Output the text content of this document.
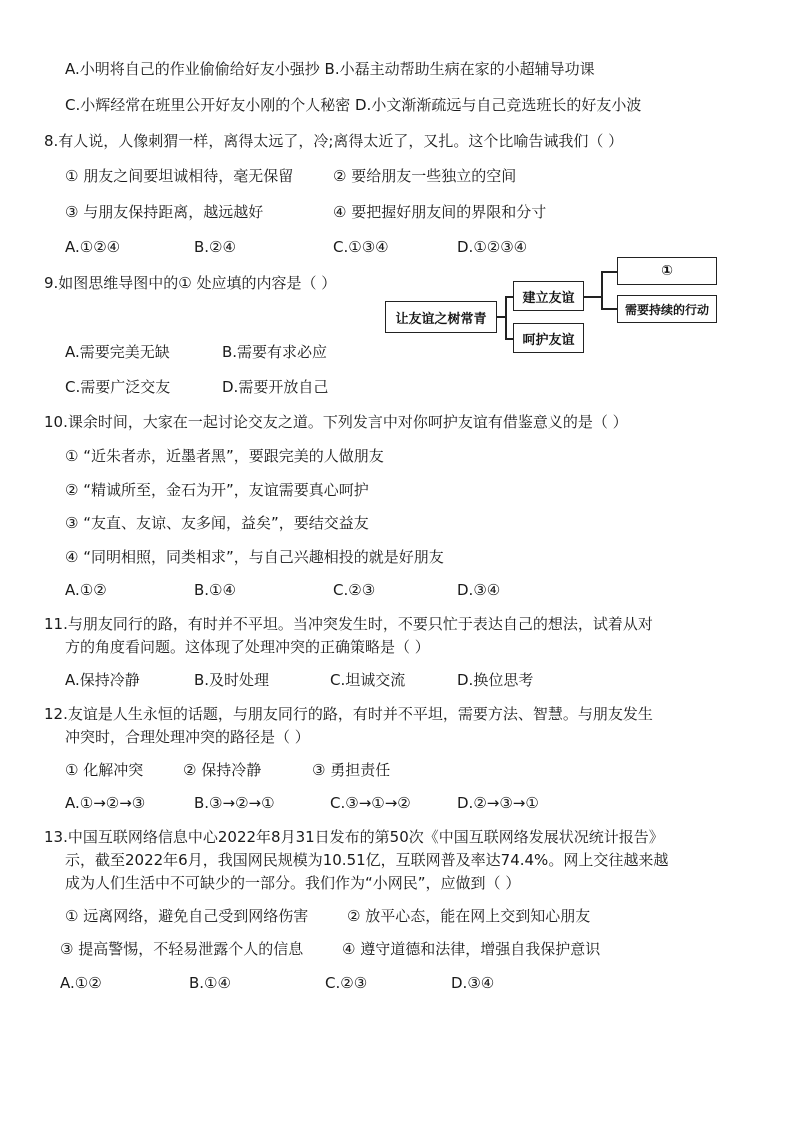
A.小明将自己的作业偷偷给好友小强抄 B.小磊主动帮助生病在家的小超辅导功课
C.小辉经常在班里公开好友小刚的个人秘密 D.小文渐渐疏远与自己竞选班长的好友小波
8.有人说，人像刺猬一样，离得太远了，冷;离得太近了，又扎。这个比喻告诫我们（ ）
① 朋友之间要坦诚相待，毫无保留	② 要给朋友一些独立的空间
③ 与朋友保持距离，越远越好	④ 要把握好朋友间的界限和分寸
A.①②④	B.②④	C.①③④	D.①②③④
9.如图思维导图中的① 处应填的内容是（ ）
A.需要完美无缺	B.需要有求必应
C.需要广泛交友	D.需要开放自己
让友谊之树常青
建立友谊
呵护友谊
①
需要持续的行动
10.课余时间，大家在一起讨论交友之道。下列发言中对你呵护友谊有借鉴意义的是（ ）
① “近朱者赤，近墨者黑”，要跟完美的人做朋友
② “精诚所至，金石为开”，友谊需要真心呵护
③ “友直、友谅、友多闻，益矣”，要结交益友
④ “同明相照，同类相求”，与自己兴趣相投的就是好朋友
A.①②	B.①④	C.②③	D.③④
11.与朋友同行的路，有时并不平坦。当冲突发生时，不要只忙于表达自己的想法，试着从对
方的角度看问题。这体现了处理冲突的正确策略是（ ）
A.保持冷静	B.及时处理	C.坦诚交流	D.换位思考
12.友谊是人生永恒的话题，与朋友同行的路，有时并不平坦，需要方法、智慧。与朋友发生
冲突时，合理处理冲突的路径是（ ）
① 化解冲突	② 保持冷静	③ 勇担责任
A.①→②→③	B.③→②→①	C.③→①→②	D.②→③→①
13.中国互联网络信息中心2022年8月31日发布的第50次《中国互联网络发展状况统计报告》
示，截至2022年6月，我国网民规模为10.51亿，互联网普及率达74.4%。网上交往越来越
成为人们生活中不可缺少的一部分。我们作为“小网民”，应做到（ ）
① 远离网络，避免自己受到网络伤害	② 放平心态，能在网上交到知心朋友
③ 提高警惕，不轻易泄露个人的信息	④ 遵守道德和法律，增强自我保护意识
A.①②	B.①④	C.②③	D.③④
